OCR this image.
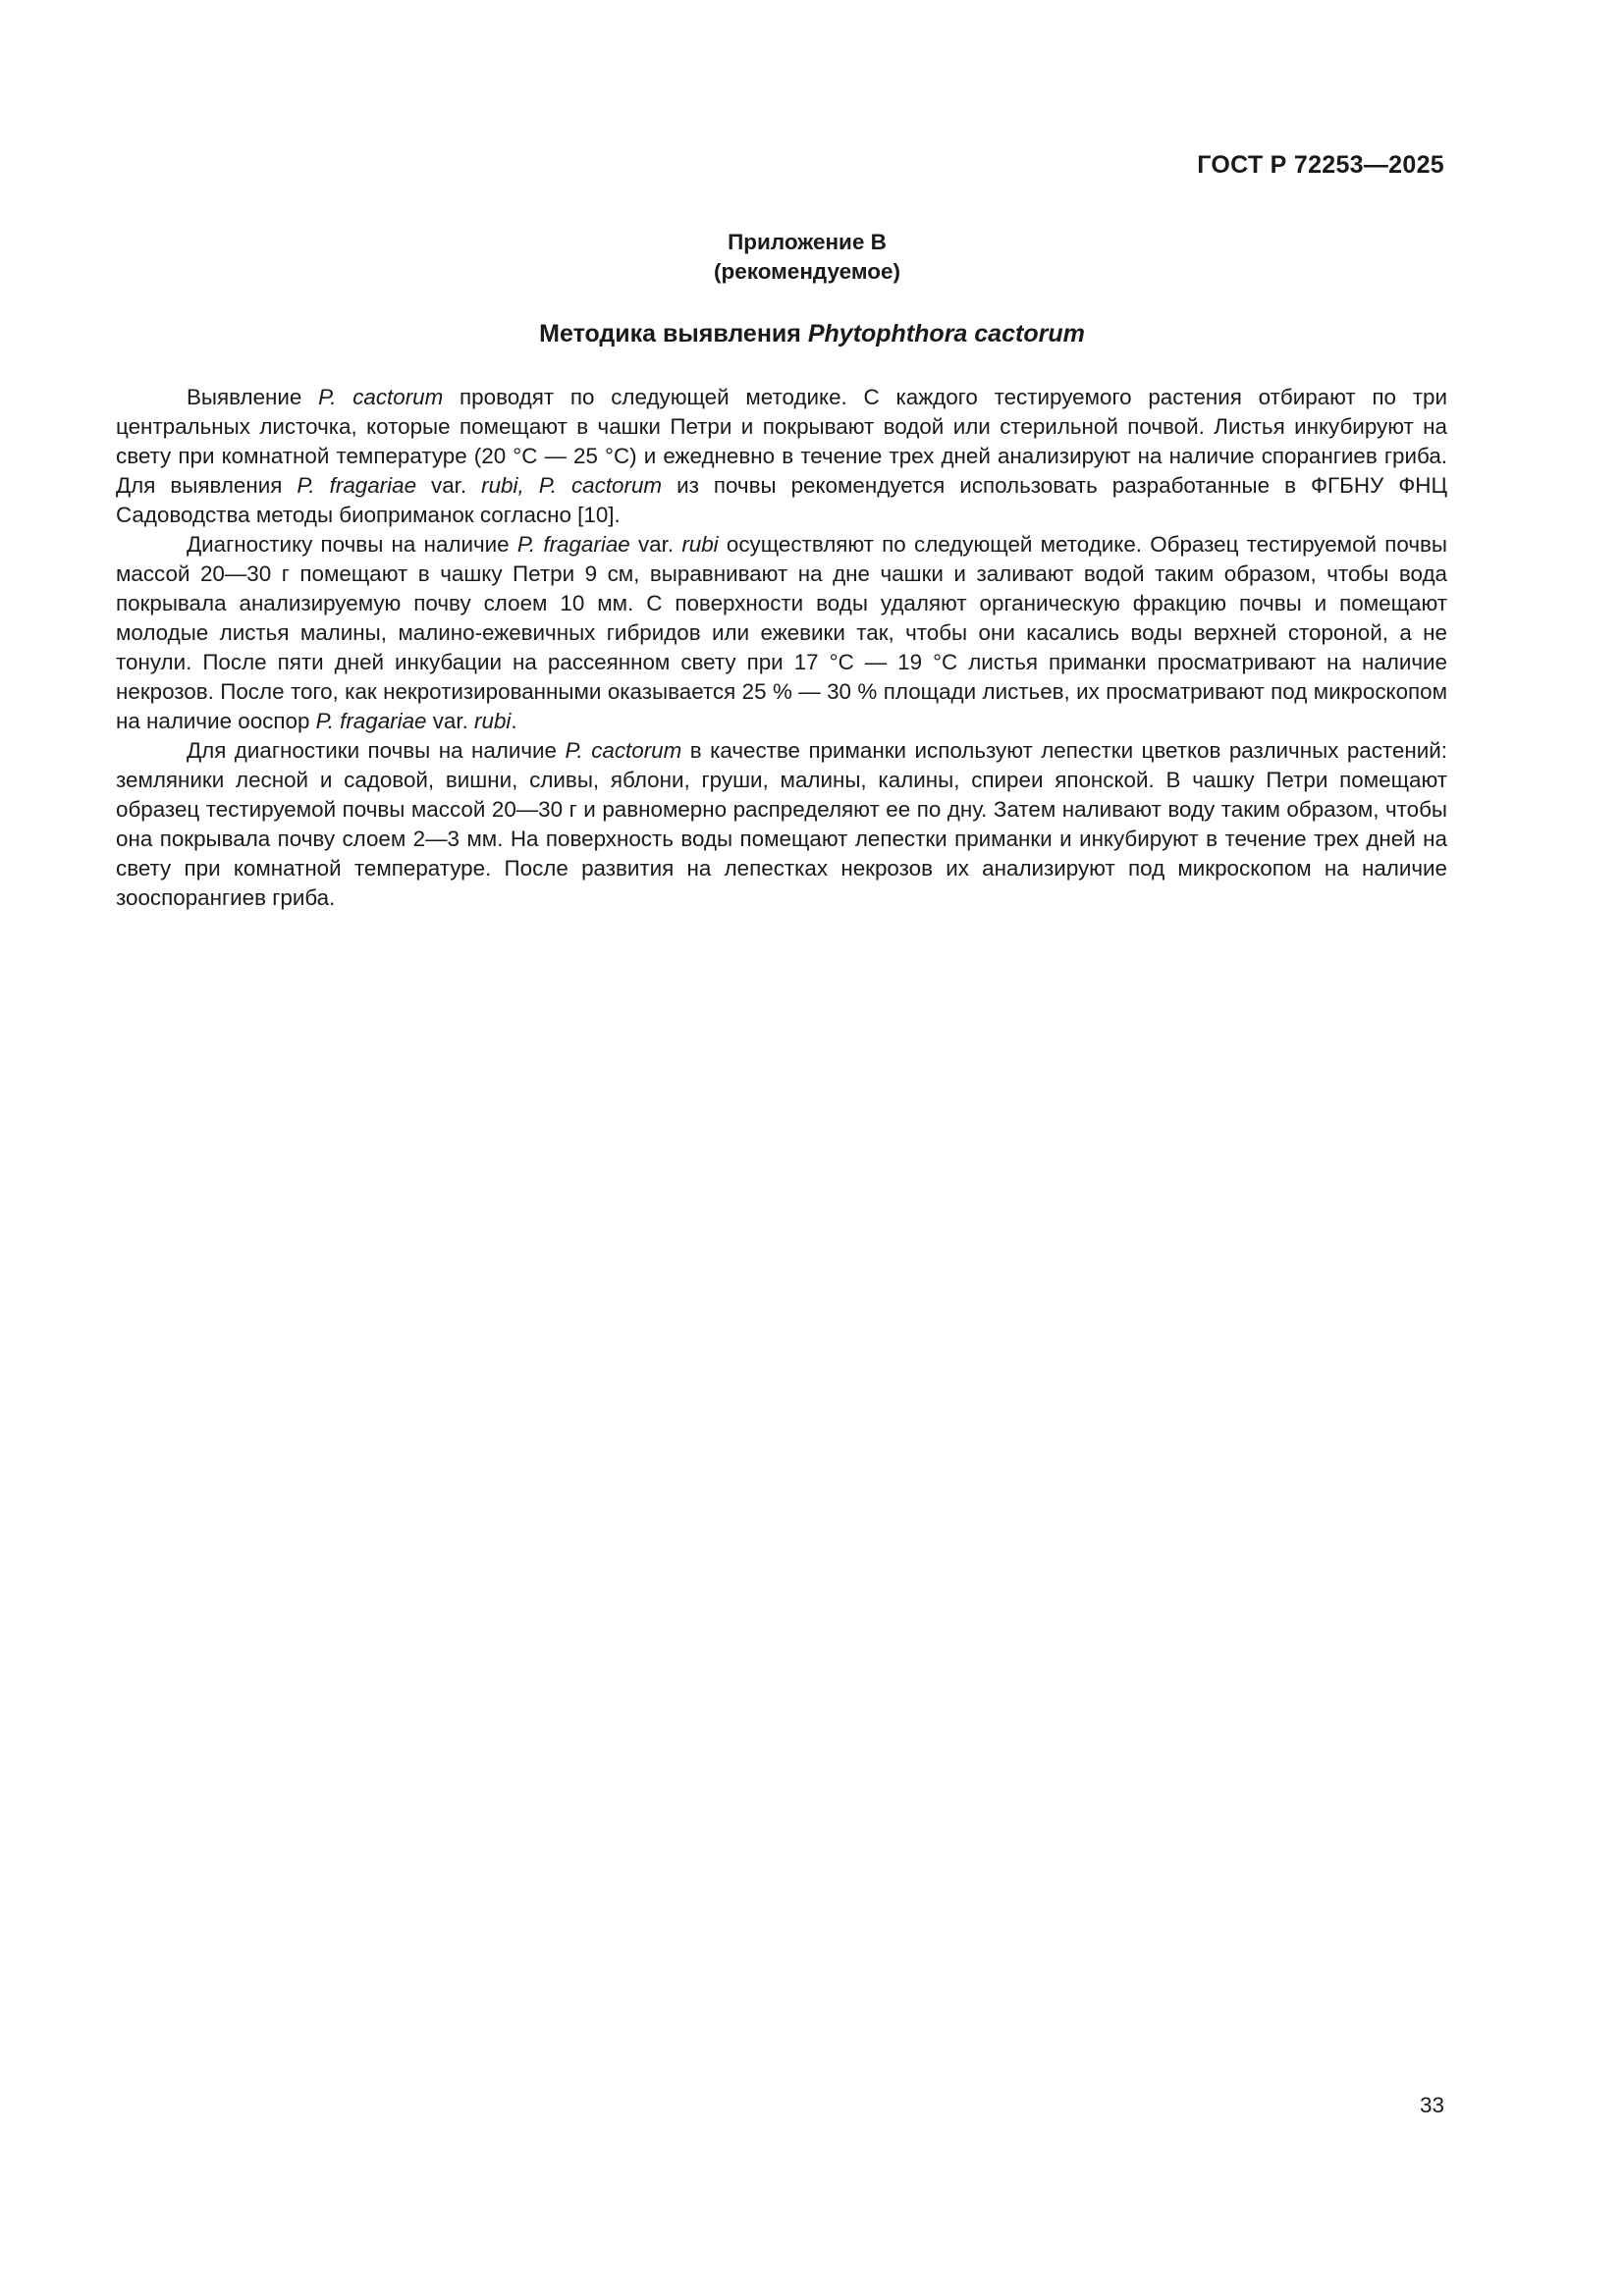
ГОСТ Р 72253—2025
Приложение В
(рекомендуемое)
Методика выявления Phytophthora cactorum

Выявление P. cactorum проводят по следующей методике. С каждого тестируемого растения отбирают по три центральных листочка, которые помещают в чашки Петри и покрывают водой или стерильной почвой. Листья инкубируют на свету при комнатной температуре (20 °С — 25 °С) и ежедневно в течение трех дней анализируют на наличие спорангиев гриба. Для выявления P. fragariae var. rubi, P. cactorum из почвы рекомендуется использовать разработанные в ФГБНУ ФНЦ Садоводства методы биоприманок согласно [10].

Диагностику почвы на наличие P. fragariae var. rubi осуществляют по следующей методике. Образец тестируемой почвы массой 20—30 г помещают в чашку Петри 9 см, выравнивают на дне чашки и заливают водой таким образом, чтобы вода покрывала анализируемую почву слоем 10 мм. С поверхности воды удаляют органическую фракцию почвы и помещают молодые листья малины, малино-ежевичных гибридов или ежевики так, чтобы они касались воды верхней стороной, а не тонули. После пяти дней инкубации на рассеянном свету при 17 °С — 19 °С листья приманки просматривают на наличие некрозов. После того, как некротизированными оказывается 25 % — 30 % площади листьев, их просматривают под микроскопом на наличие ооспор P. fragariae var. rubi.

Для диагностики почвы на наличие P. cactorum в качестве приманки используют лепестки цветков различных растений: земляники лесной и садовой, вишни, сливы, яблони, груши, малины, калины, спиреи японской. В чашку Петри помещают образец тестируемой почвы массой 20—30 г и равномерно распределяют ее по дну. Затем наливают воду таким образом, чтобы она покрывала почву слоем 2—3 мм. На поверхность воды помещают лепестки приманки и инкубируют в течение трех дней на свету при комнатной температуре. После развития на лепестках некрозов их анализируют под микроскопом на наличие зооспорангиев гриба.

33
